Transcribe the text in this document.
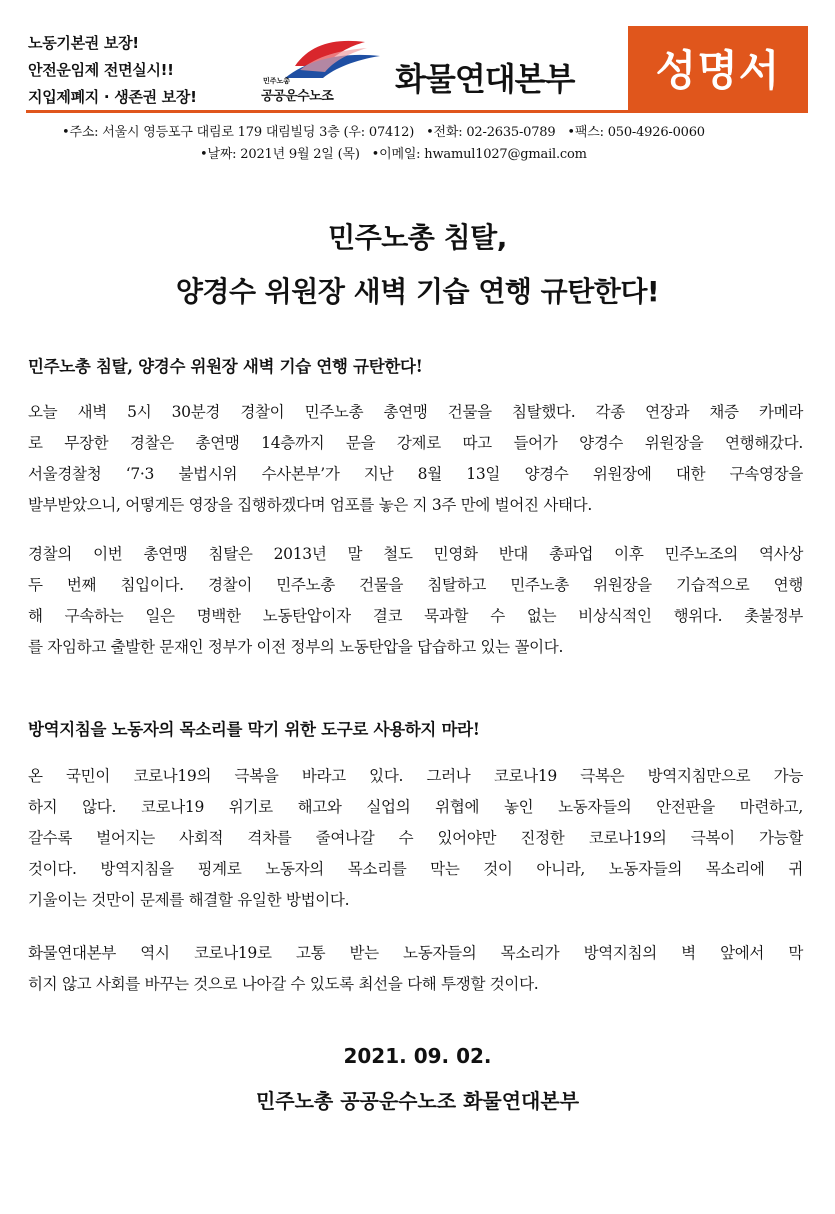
노동기본권 보장!
안전운임제 전면실시!!
지입제폐지 · 생존권 보장!
민주노총
공공운수노조 화물연대본부	성명서
•주소: 서울시 영등포구 대림로 179 대림빌딩 3층 (우: 07412) •전화: 02-2635-0789 •팩스: 050-4926-0060
•날짜: 2021년 9월 2일 (목) •이메일: hwamul1027@gmail.com
민주노총 침탈,
양경수 위원장 새벽 기습 연행 규탄한다!
민주노총 침탈, 양경수 위원장 새벽 기습 연행 규탄한다!
오늘 새벽 5시 30분경 경찰이 민주노총 총연맹 건물을 침탈했다. 각종 연장과 채증 카메라
로 무장한 경찰은 총연맹 14층까지 문을 강제로 따고 들어가 양경수 위원장을 연행해갔다.
서울경찰청 ‘7·3 불법시위 수사본부’가 지난 8월 13일 양경수 위원장에 대한 구속영장을
발부받았으니, 어떻게든 영장을 집행하겠다며 엄포를 놓은 지 3주 만에 벌어진 사태다.
경찰의 이번 총연맹 침탈은 2013년 말 철도 민영화 반대 총파업 이후 민주노조의 역사상
두 번째 침입이다. 경찰이 민주노총 건물을 침탈하고 민주노총 위원장을 기습적으로 연행
해 구속하는 일은 명백한 노동탄압이자 결코 묵과할 수 없는 비상식적인 행위다. 촛불정부
를 자임하고 출발한 문재인 정부가 이전 정부의 노동탄압을 답습하고 있는 꼴이다.
방역지침을 노동자의 목소리를 막기 위한 도구로 사용하지 마라!
온 국민이 코로나19의 극복을 바라고 있다. 그러나 코로나19 극복은 방역지침만으로 가능
하지 않다. 코로나19 위기로 해고와 실업의 위협에 놓인 노동자들의 안전판을 마련하고,
갈수록 벌어지는 사회적 격차를 줄여나갈 수 있어야만 진정한 코로나19의 극복이 가능할
것이다. 방역지침을 핑계로 노동자의 목소리를 막는 것이 아니라, 노동자들의 목소리에 귀
기울이는 것만이 문제를 해결할 유일한 방법이다.
화물연대본부 역시 코로나19로 고통 받는 노동자들의 목소리가 방역지침의 벽 앞에서 막
히지 않고 사회를 바꾸는 것으로 나아갈 수 있도록 최선을 다해 투쟁할 것이다.
2021. 09. 02.
민주노총 공공운수노조 화물연대본부
